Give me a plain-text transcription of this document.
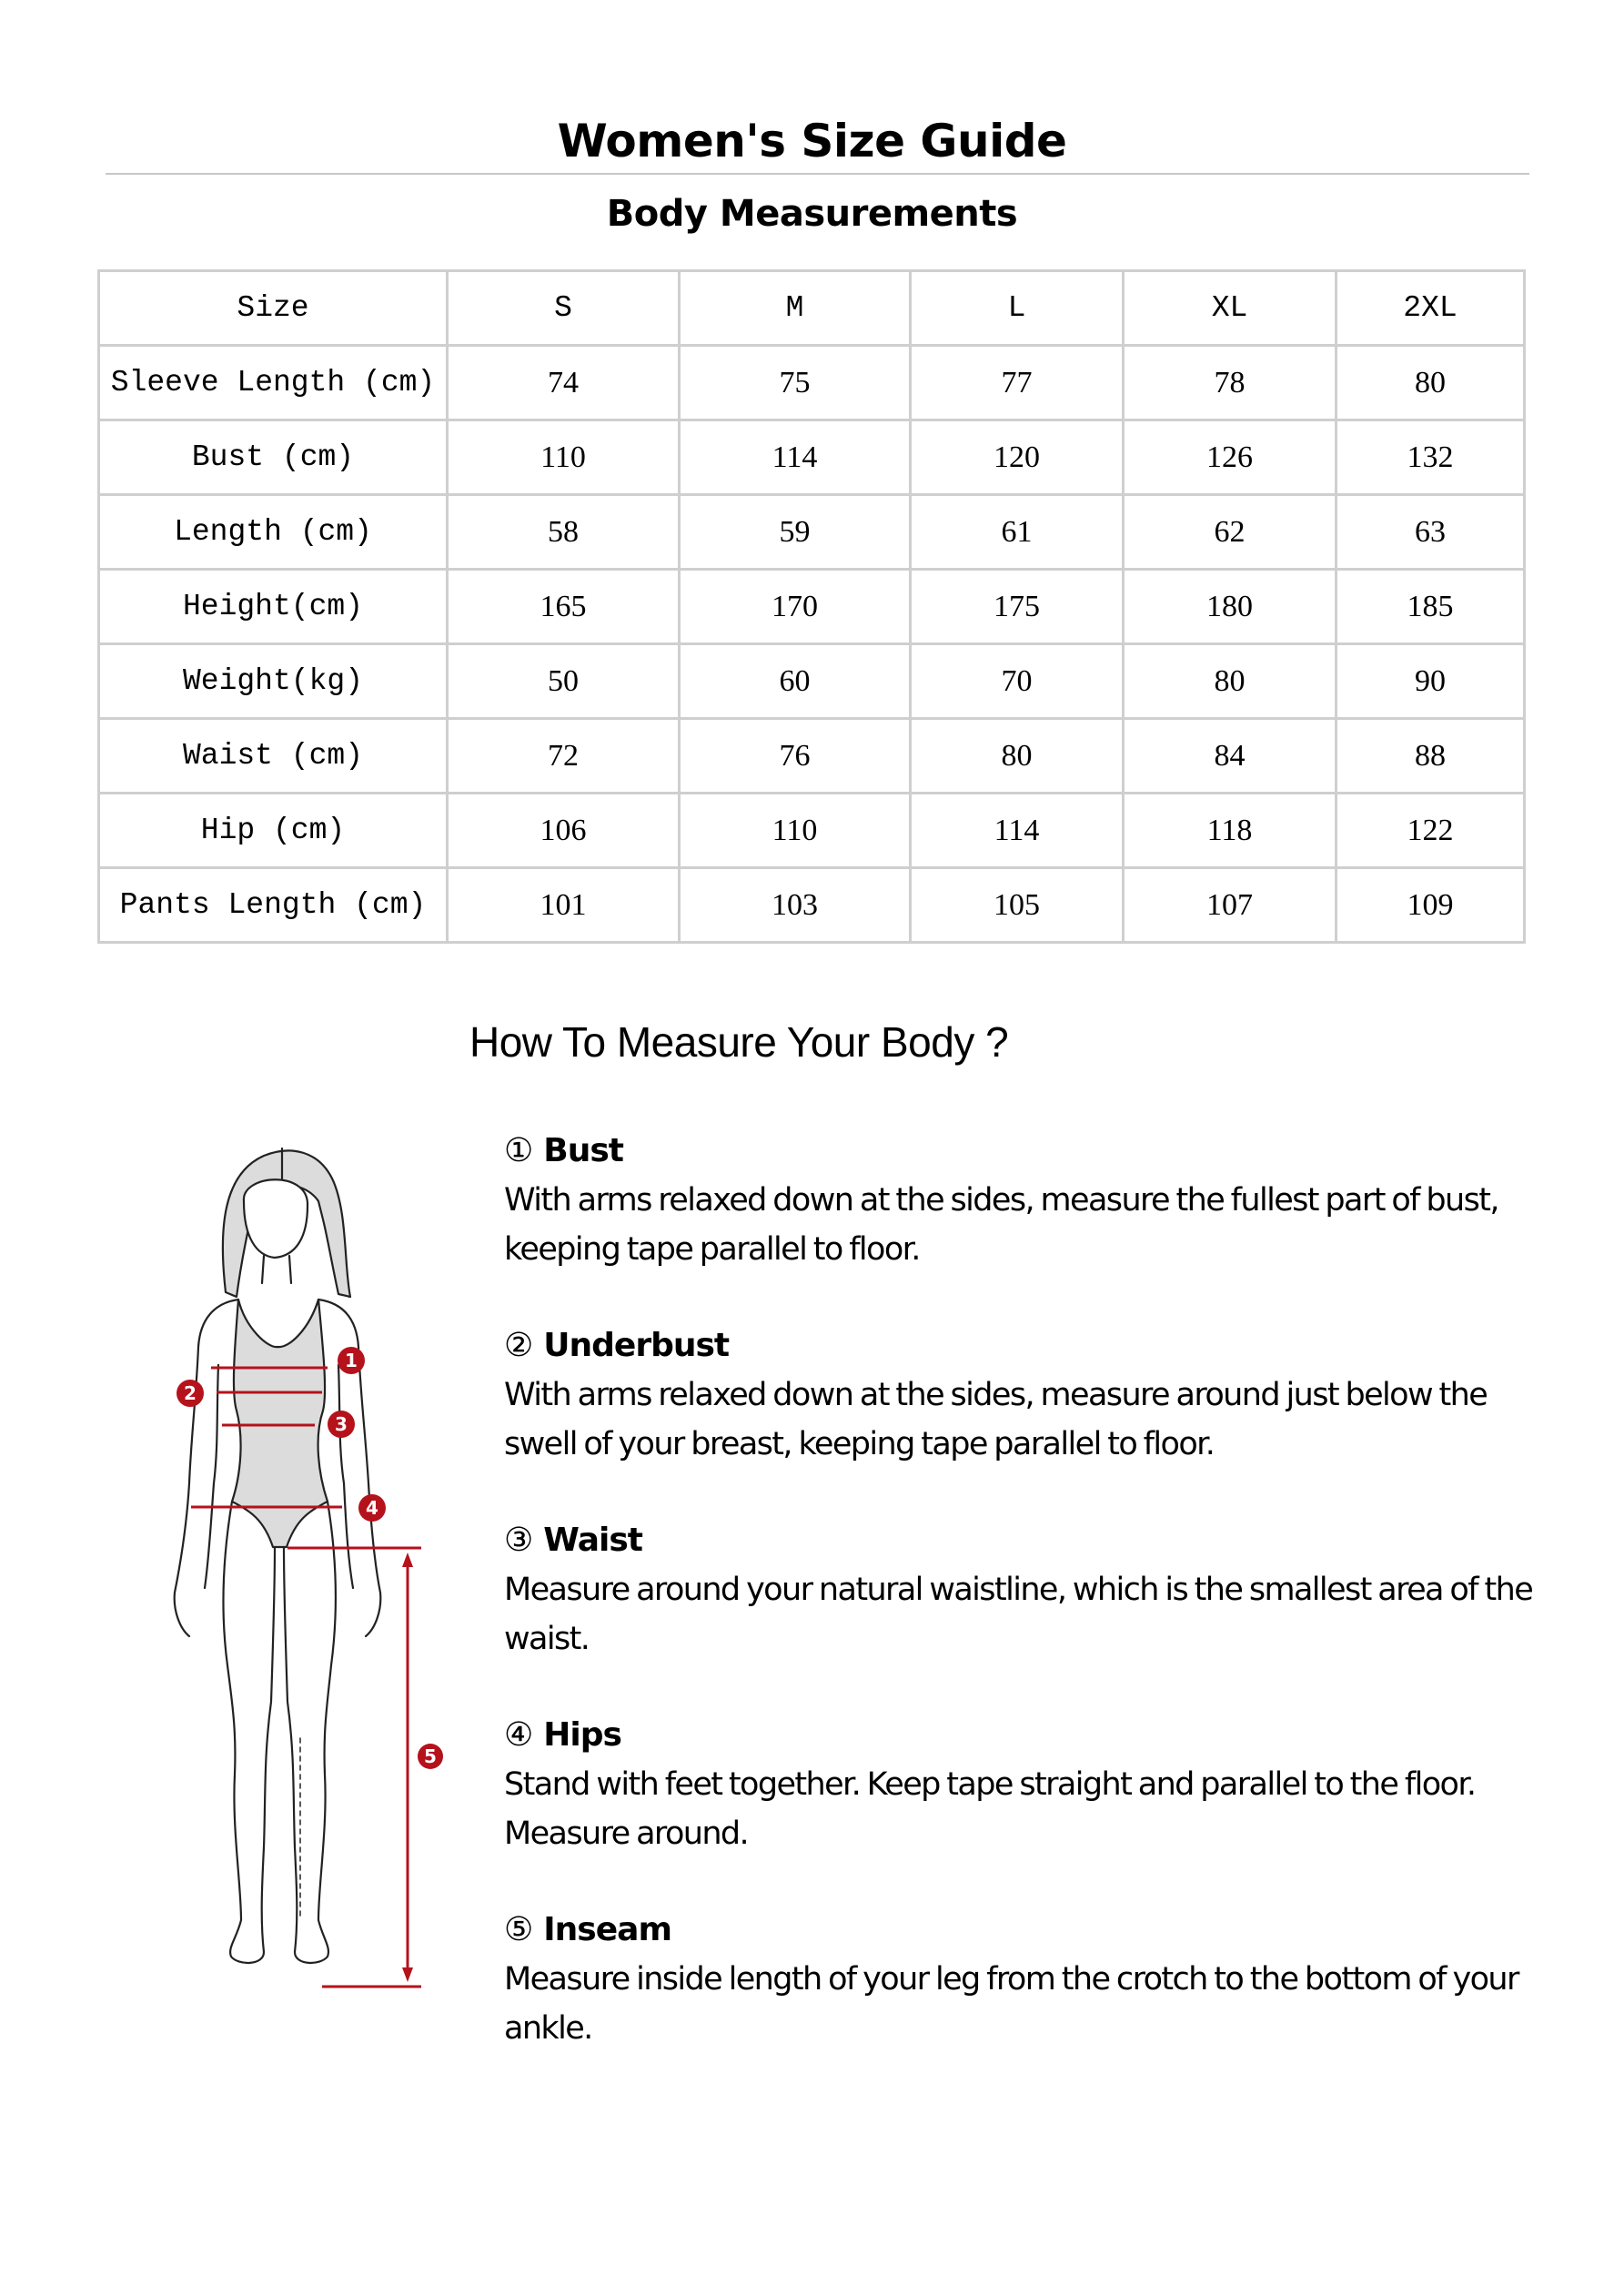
Women's Size Guide
Body Measurements
Size	S	M	L	XL	2XL
Sleeve Length (cm)	74	75	77	78	80
Bust (cm)	110	114	120	126	132
Length (cm)	58	59	61	62	63
Height(cm)	165	170	175	180	185
Weight(kg)	50	60	70	80	90
Waist (cm)	72	76	80	84	88
Hip (cm)	106	110	114	118	122
Pants Length (cm)	101	103	105	107	109
How To Measure Your Body ?
1
2
3
4
5
① Bust
With arms relaxed down at the sides, measure the fullest part of bust, keeping tape parallel to floor.
② Underbust
With arms relaxed down at the sides, measure around just below the swell of your breast, keeping tape parallel to floor.
③ Waist
Measure around your natural waistline, which is the smallest area of the waist.
④ Hips
Stand with feet together. Keep tape straight and parallel to the floor. Measure around.
⑤ Inseam
Measure inside length of your leg from the crotch to the bottom of your ankle.
